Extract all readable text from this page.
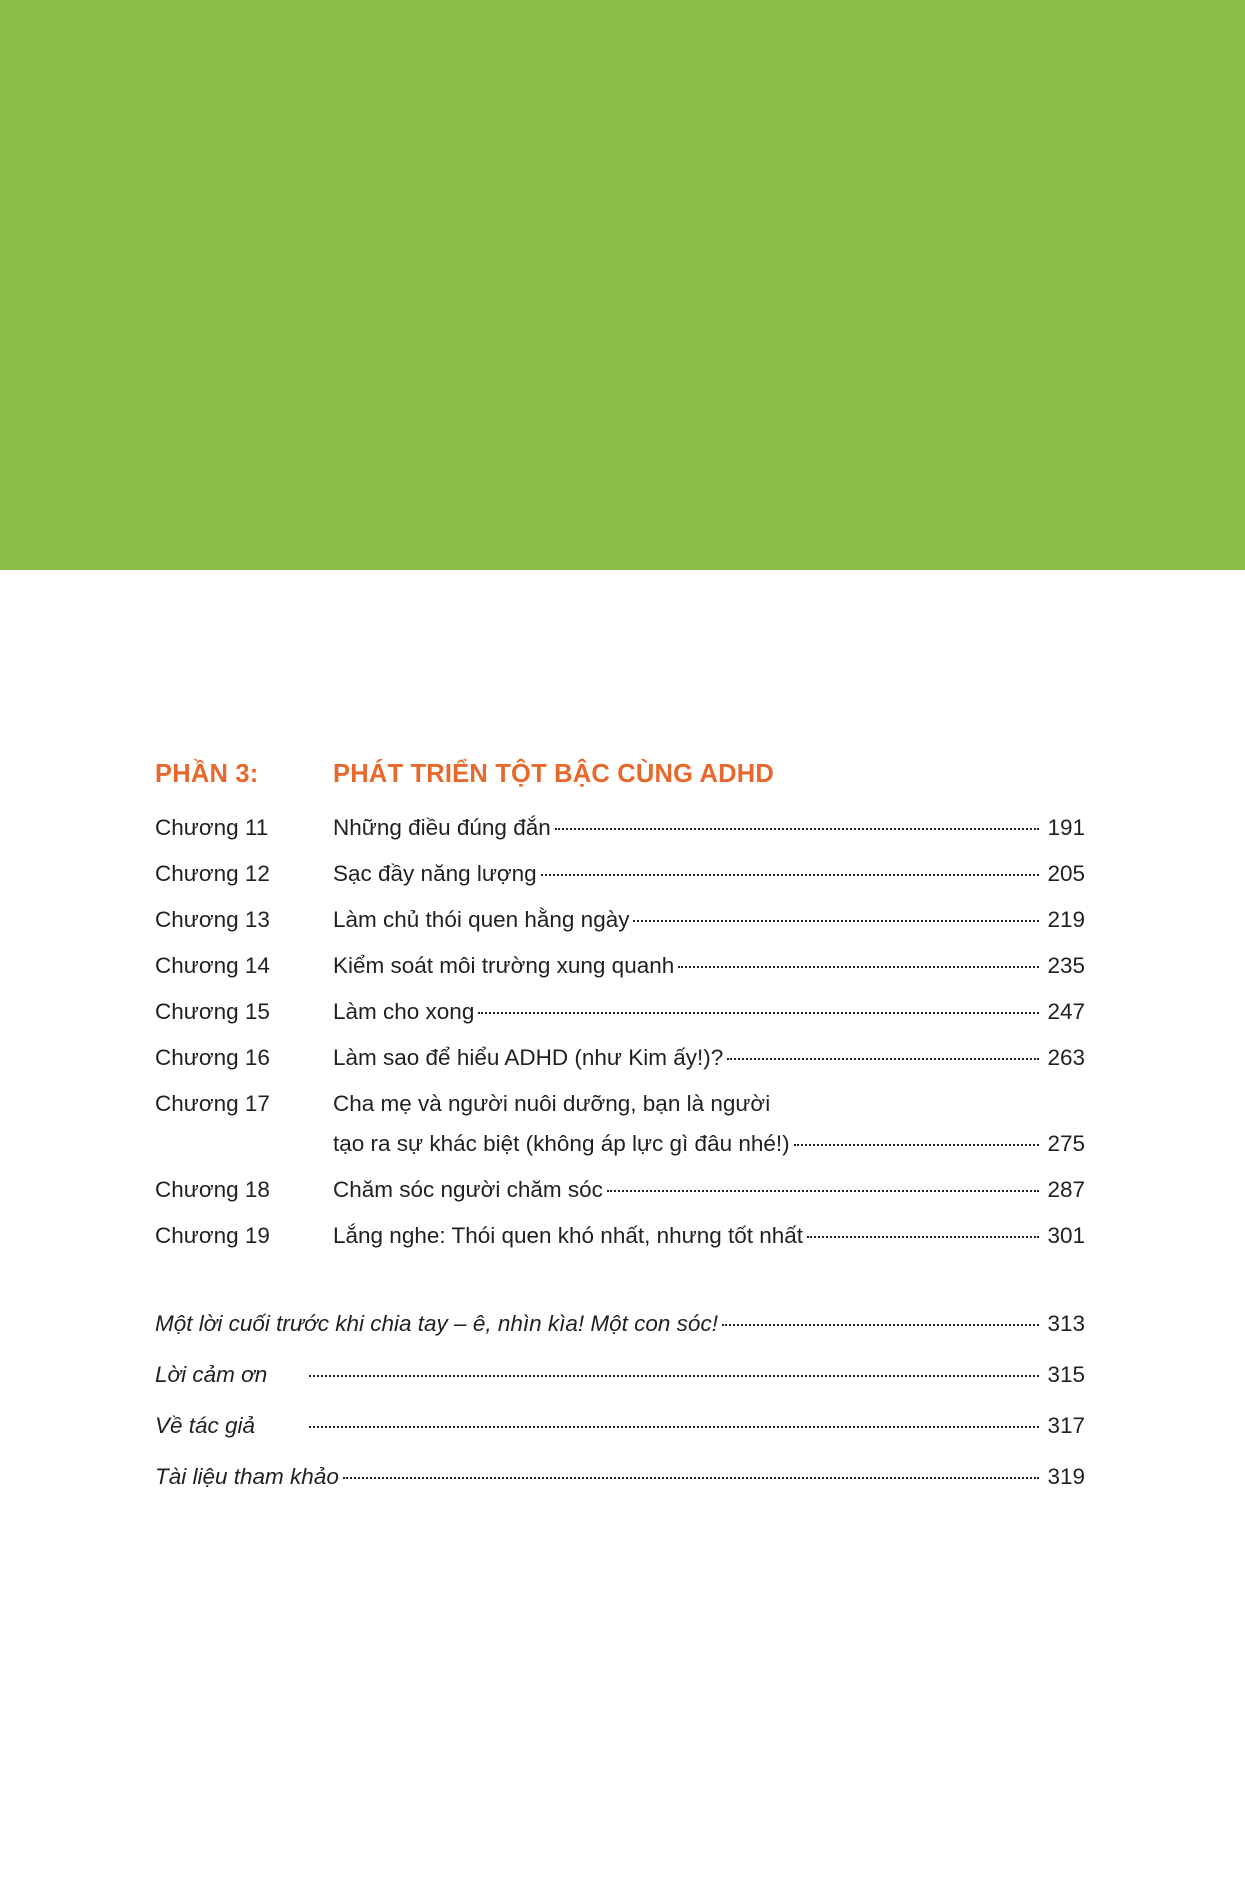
PHẦN 3:	PHÁT TRIỂN TỘT BẬC CÙNG ADHD
Chương 11	Những điều đúng đắn	191
Chương 12	Sạc đầy năng lượng	205
Chương 13	Làm chủ thói quen hằng ngày	219
Chương 14	Kiểm soát môi trường xung quanh	235
Chương 15	Làm cho xong	247
Chương 16	Làm sao để hiểu ADHD (như Kim ấy!)?	263
Chương 17	Cha mẹ và người nuôi dưỡng, bạn là người
tạo ra sự khác biệt (không áp lực gì đâu nhé!)	275
Chương 18	Chăm sóc người chăm sóc	287
Chương 19	Lắng nghe: Thói quen khó nhất, nhưng tốt nhất	301
Một lời cuối trước khi chia tay – ê, nhìn kìa! Một con sóc!	313
Lời cảm ơn	315
Về tác giả	317
Tài liệu tham khảo	319
